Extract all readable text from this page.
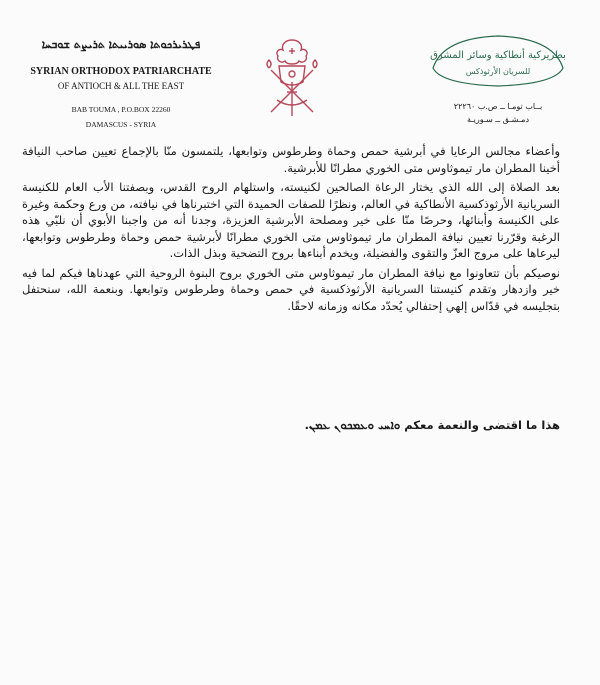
ܦܛܪܝܪܟܘܬܐ ܣܘܪܝܝܬܐ ܬܪܝܨܬ ܫܘܒܚܐ
SYRIAN ORTHODOX PATRIARCHATE
OF ANTIOCH & ALL THE EAST
BAB TOUMA , P.O.BOX 22260
DAMASCUS - SYRIA
بطريركية أنطاكية وسائر المشرق
للسريان الأرثوذكس
بــاب تومـا ــ ص.ب ٢٢٢٦٠
دمـشـق ــ سـوريـة

وأعضاء مجالس الرعايا في أبرشية حمص وحماة وطرطوس وتوابعها، يلتمسون منّا بالإجماع تعيين صاحب النيافة أخينا المطران مار تيموثاوس متى الخوري مطرانًا للأبرشية.

بعد الصلاة إلى الله الذي يختار الرعاة الصالحين لكنيسته، واستلهام الروح القدس، وبصفتنا الأب العام للكنيسة السريانية الأرثوذكسية الأنطاكية في العالم، ونظرًا للصفات الحميدة التي اختبرناها في نيافته، من ورع وحكمة وغيرة على الكنيسة وأبنائها، وحرصًا منّا على خير ومصلحة الأبرشية العزيزة، وجدنا أنه من واجبنا الأبوي أن نلبّي هذه الرغبة وقرّرنا تعيين نيافة المطران مار تيموثاوس متى الخوري مطرانًا لأبرشية حمص وحماة وطرطوس وتوابعها، ليرعاها على مروج العزّ والتقوى والفضيلة، ويخدم أبناءها بروح التضحية وبذل الذات.

نوصيكم بأن تتعاونوا مع نيافة المطران مار تيموثاوس متى الخوري بروح البنوة الروحية التي عهدناها فيكم لما فيه خير وازدهار وتقدم كنيستنا السريانية الأرثوذكسية في حمص وحماة وطرطوس وتوابعها. وبنعمة الله، سنحتفل بتجليسه في قدّاس إلهي إحتفالي يُحدّد مكانه وزمانه لاحقًا.

هذا ما اقتضى والنعمة معكم ܘܐܚܝ ܘܥܡܟܘܢ ܥܡܢ.
